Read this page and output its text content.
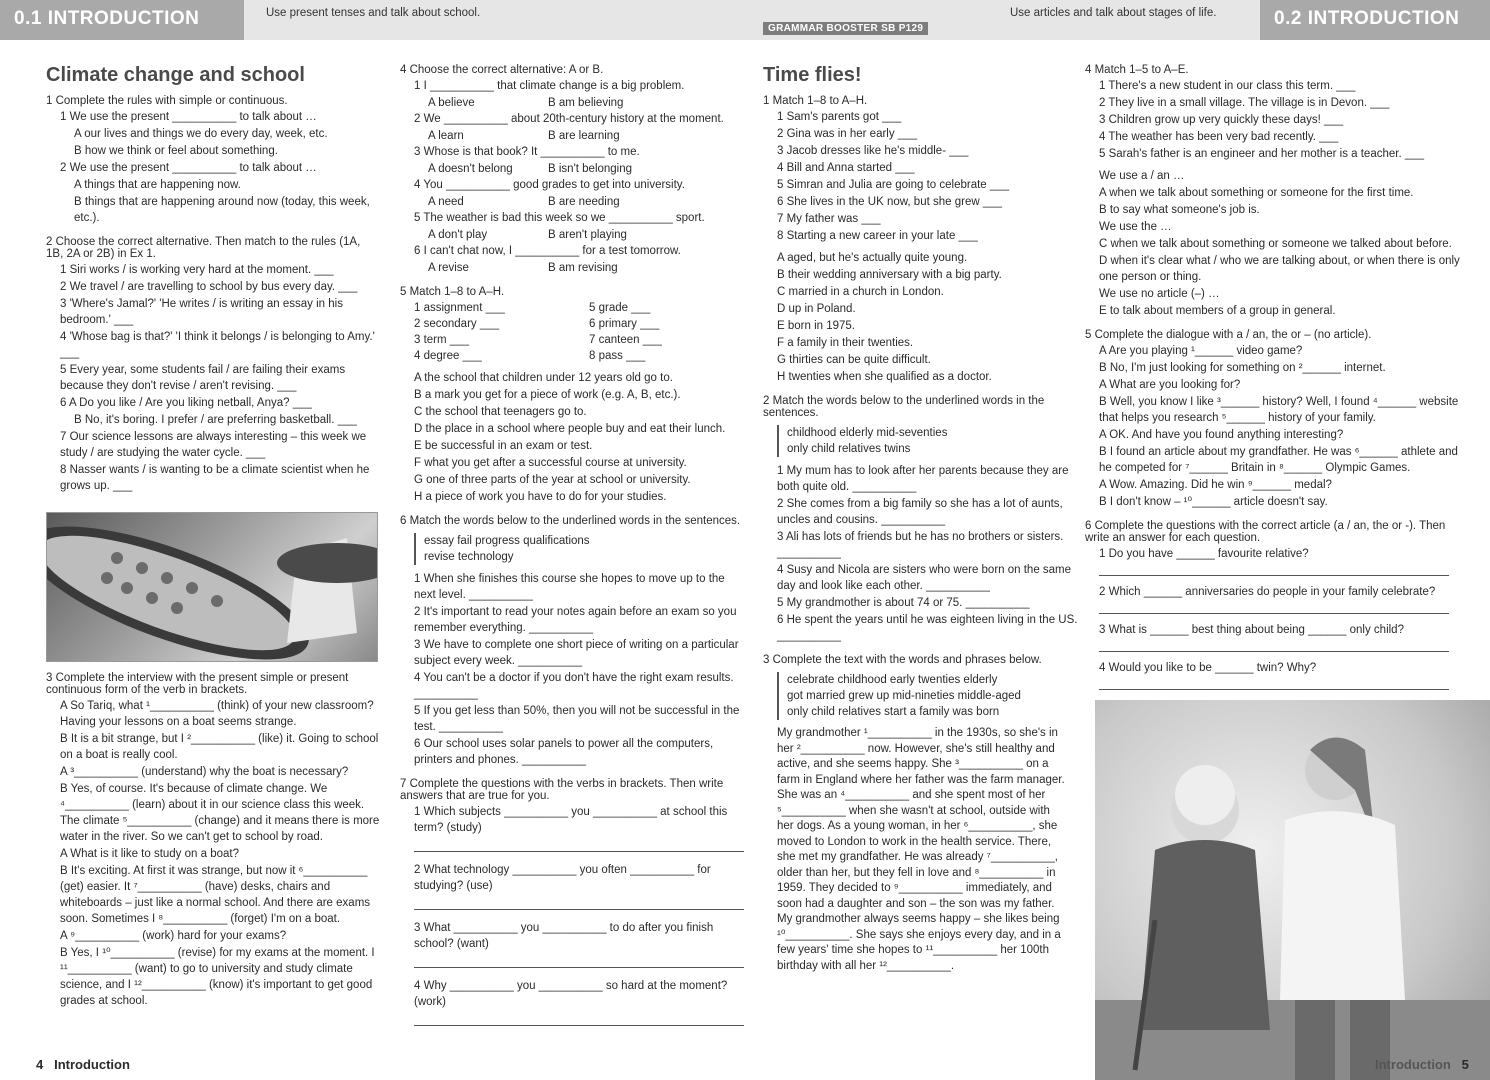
0.1 INTRODUCTION	Use present tenses and talk about school.
Climate change and school
1 Complete the rules with simple or continuous.
1 We use the present __________ to talk about …
A our lives and things we do every day, week, etc.
B how we think or feel about something.
2 We use the present __________ to talk about …
A things that are happening now.
B things that are happening around now (today, this week, etc.).
2 Choose the correct alternative. Then match to the rules (1A, 1B, 2A or 2B) in Ex 1.
1 Siri works / is working very hard at the moment. ___
2 We travel / are travelling to school by bus every day. ___
3 'Where's Jamal?' 'He writes / is writing an essay in his bedroom.' ___
4 'Whose bag is that?' 'I think it belongs / is belonging to Amy.' ___
5 Every year, some students fail / are failing their exams because they don't revise / aren't revising. ___
6 A Do you like / Are you liking netball, Anya? ___
B No, it's boring. I prefer / are preferring basketball. ___
7 Our science lessons are always interesting – this week we study / are studying the water cycle. ___
8 Nasser wants / is wanting to be a climate scientist when he grows up. ___
3 Complete the interview with the present simple or present continuous form of the verb in brackets.
A So Tariq, what ¹__________ (think) of your new classroom? Having your lessons on a boat seems strange.
B It is a bit strange, but I ²__________ (like) it. Going to school on a boat is really cool.
A ³__________ (understand) why the boat is necessary?
B Yes, of course. It's because of climate change. We ⁴__________ (learn) about it in our science class this week. The climate ⁵__________ (change) and it means there is more water in the river. So we can't get to school by road.
A What is it like to study on a boat?
B It's exciting. At first it was strange, but now it ⁶__________ (get) easier. It ⁷__________ (have) desks, chairs and whiteboards – just like a normal school. And there are exams soon. Sometimes I ⁸__________ (forget) I'm on a boat.
A ⁹__________ (work) hard for your exams?
B Yes, I ¹⁰__________ (revise) for my exams at the moment. I ¹¹__________ (want) to go to university and study climate science, and I ¹²__________ (know) it's important to get good grades at school.
4 Choose the correct alternative: A or B.
1 I __________ that climate change is a big problem.
A believe	B am believing
2 We __________ about 20th-century history at the moment.
A learn	B are learning
3 Whose is that book? It __________ to me.
A doesn't belong	B isn't belonging
4 You __________ good grades to get into university.
A need	B are needing
5 The weather is bad this week so we __________ sport.
A don't play	B aren't playing
6 I can't chat now, I __________ for a test tomorrow.
A revise	B am revising
5 Match 1–8 to A–H.
1 assignment ___	5 grade ___
2 secondary ___	6 primary ___
3 term ___	7 canteen ___
4 degree ___	8 pass ___
A the school that children under 12 years old go to.
B a mark you get for a piece of work (e.g. A, B, etc.).
C the school that teenagers go to.
D the place in a school where people buy and eat their lunch.
E be successful in an exam or test.
F what you get after a successful course at university.
G one of three parts of the year at school or university.
H a piece of work you have to do for your studies.
6 Match the words below to the underlined words in the sentences.
essay fail progress qualifications
revise technology
1 When she finishes this course she hopes to move up to the next level. __________
2 It's important to read your notes again before an exam so you remember everything. __________
3 We have to complete one short piece of writing on a particular subject every week. __________
4 You can't be a doctor if you don't have the right exam results. __________
5 If you get less than 50%, then you will not be successful in the test. __________
6 Our school uses solar panels to power all the computers, printers and phones. __________
7 Complete the questions with the verbs in brackets. Then write answers that are true for you.
1 Which subjects __________ you __________ at school this term? (study)
2 What technology __________ you often __________ for studying? (use)
3 What __________ you __________ to do after you finish school? (want)
4 Why __________ you __________ so hard at the moment? (work)
4 Introduction
GRAMMAR BOOSTER SB P129
Use articles and talk about stages of life.	0.2 INTRODUCTION
Time flies!
1 Match 1–8 to A–H.
1 Sam's parents got ___
2 Gina was in her early ___
3 Jacob dresses like he's middle- ___
4 Bill and Anna started ___
5 Simran and Julia are going to celebrate ___
6 She lives in the UK now, but she grew ___
7 My father was ___
8 Starting a new career in your late ___
A aged, but he's actually quite young.
B their wedding anniversary with a big party.
C married in a church in London.
D up in Poland.
E born in 1975.
F a family in their twenties.
G thirties can be quite difficult.
H twenties when she qualified as a doctor.
2 Match the words below to the underlined words in the sentences.
childhood elderly mid-seventies
only child relatives twins
1 My mum has to look after her parents because they are both quite old. __________
2 She comes from a big family so she has a lot of aunts, uncles and cousins. __________
3 Ali has lots of friends but he has no brothers or sisters. __________
4 Susy and Nicola are sisters who were born on the same day and look like each other. __________
5 My grandmother is about 74 or 75. __________
6 He spent the years until he was eighteen living in the US. __________
3 Complete the text with the words and phrases below.
celebrate childhood early twenties elderly
got married grew up mid-nineties middle-aged
only child relatives start a family was born
My grandmother ¹__________ in the 1930s, so she's in her ²__________ now. However, she's still healthy and active, and she seems happy. She ³__________ on a farm in England where her father was the farm manager. She was an ⁴__________ and she spent most of her ⁵__________ when she wasn't at school, outside with her dogs. As a young woman, in her ⁶__________, she moved to London to work in the health service. There, she met my grandfather. He was already ⁷__________, older than her, but they fell in love and ⁸__________ in 1959. They decided to ⁹__________ immediately, and soon had a daughter and son – the son was my father. My grandmother always seems happy – she likes being ¹⁰__________. She says she enjoys every day, and in a few years' time she hopes to ¹¹__________ her 100th birthday with all her ¹²__________.
4 Match 1–5 to A–E.
1 There's a new student in our class this term. ___
2 They live in a small village. The village is in Devon. ___
3 Children grow up very quickly these days! ___
4 The weather has been very bad recently. ___
5 Sarah's father is an engineer and her mother is a teacher. ___
We use a / an …
A when we talk about something or someone for the first time.
B to say what someone's job is.
We use the …
C when we talk about something or someone we talked about before.
D when it's clear what / who we are talking about, or when there is only one person or thing.
We use no article (–) …
E to talk about members of a group in general.
5 Complete the dialogue with a / an, the or – (no article).
A Are you playing ¹______ video game?
B No, I'm just looking for something on ²______ internet.
A What are you looking for?
B Well, you know I like ³______ history? Well, I found ⁴______ website that helps you research ⁵______ history of your family.
A OK. And have you found anything interesting?
B I found an article about my grandfather. He was ⁶______ athlete and he competed for ⁷______ Britain in ⁸______ Olympic Games.
A Wow. Amazing. Did he win ⁹______ medal?
B I don't know – ¹⁰______ article doesn't say.
6 Complete the questions with the correct article (a / an, the or -). Then write an answer for each question.
1 Do you have ______ favourite relative?
2 Which ______ anniversaries do people in your family celebrate?
3 What is ______ best thing about being ______ only child?
4 Would you like to be ______ twin? Why?
Introduction 5
